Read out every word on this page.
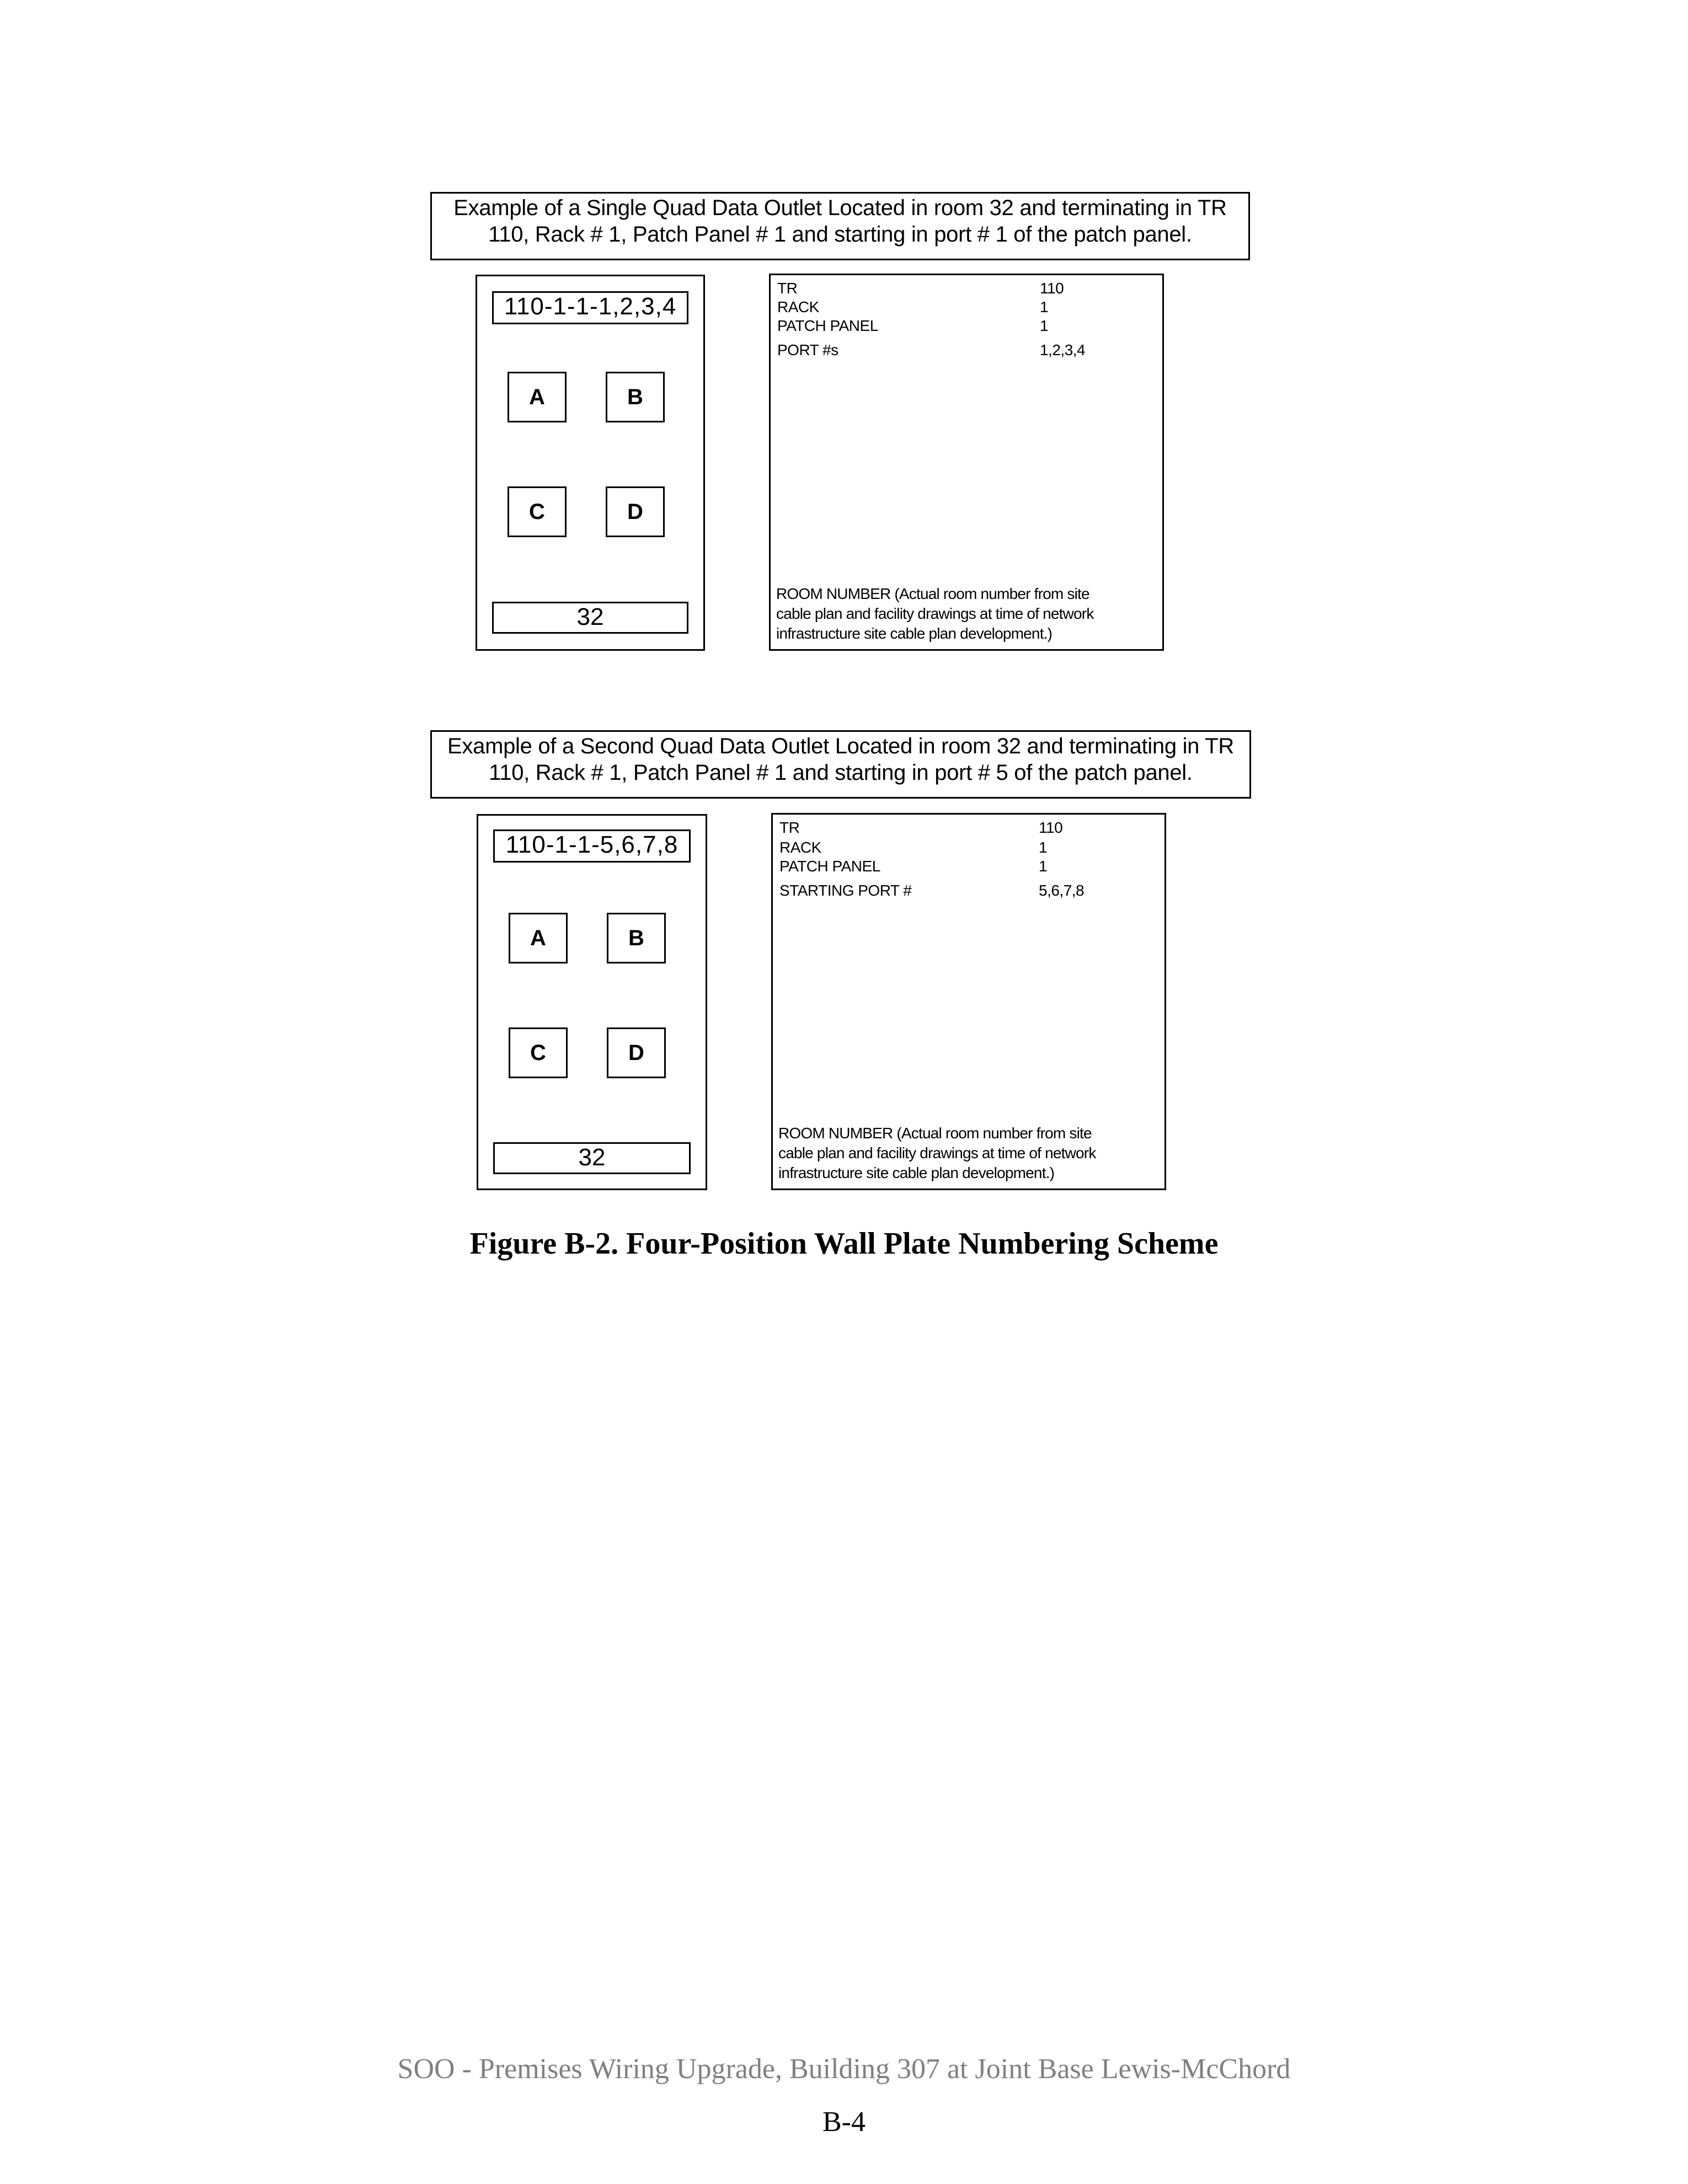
Example of a Single Quad Data Outlet Located in room 32 and terminating in TR
110, Rack # 1, Patch Panel # 1 and starting in port # 1 of the patch panel.
110-1-1-1,2,3,4
A	B
C	D
32
TR	110
RACK	1
PATCH PANEL	1
PORT #s	1,2,3,4
ROOM NUMBER (Actual room number from site
cable plan and facility drawings at time of network
infrastructure site cable plan development.)
Example of a Second Quad Data Outlet Located in room 32 and terminating in TR
110, Rack # 1, Patch Panel # 1 and starting in port # 5 of the patch panel.
110-1-1-5,6,7,8
A	B
C	D
32
TR	110
RACK	1
PATCH PANEL	1
STARTING PORT #	5,6,7,8
ROOM NUMBER (Actual room number from site
cable plan and facility drawings at time of network
infrastructure site cable plan development.)
Figure B-2. Four-Position Wall Plate Numbering Scheme
SOO - Premises Wiring Upgrade, Building 307 at Joint Base Lewis-McChord
B-4
